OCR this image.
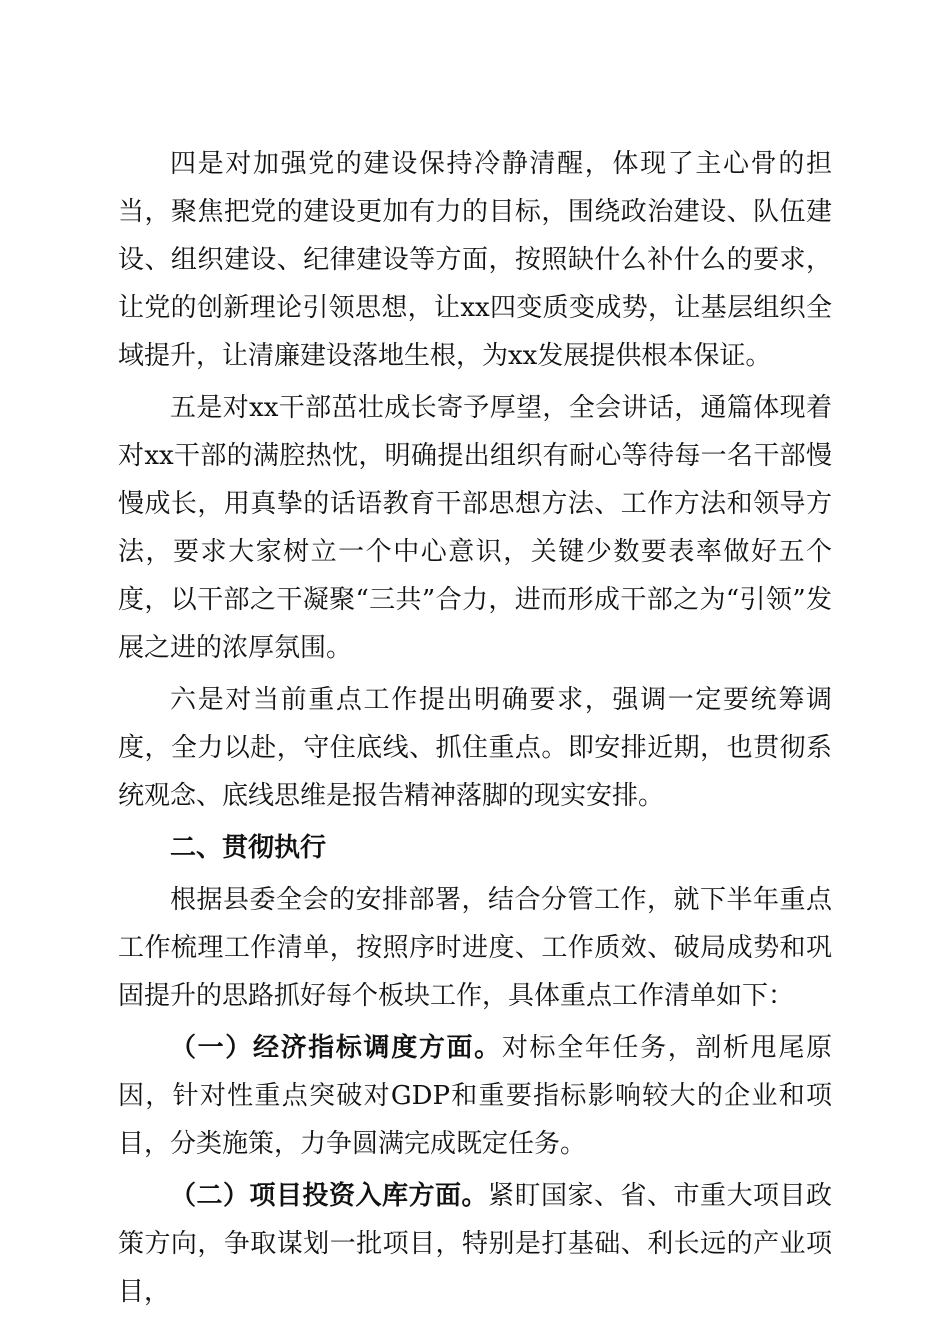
四是对加强党的建设保持冷静清醒，体现了主心骨的担当，聚焦把党的建设更加有力的目标，围绕政治建设、队伍建设、组织建设、纪律建设等方面，按照缺什么补什么的要求，让党的创新理论引领思想，让xx四变质变成势，让基层组织全域提升，让清廉建设落地生根，为xx发展提供根本保证。

五是对xx干部茁壮成长寄予厚望，全会讲话，通篇体现着对xx干部的满腔热忱，明确提出组织有耐心等待每一名干部慢慢成长，用真挚的话语教育干部思想方法、工作方法和领导方法，要求大家树立一个中心意识，关键少数要表率做好五个度，以干部之干凝聚“三共”合力，进而形成干部之为“引领”发展之进的浓厚氛围。

六是对当前重点工作提出明确要求，强调一定要统筹调度，全力以赴，守住底线、抓住重点。即安排近期，也贯彻系统观念、底线思维是报告精神落脚的现实安排。

二、贯彻执行

根据县委全会的安排部署，结合分管工作，就下半年重点工作梳理工作清单，按照序时进度、工作质效、破局成势和巩固提升的思路抓好每个板块工作，具体重点工作清单如下：

（一）经济指标调度方面。对标全年任务，剖析甩尾原因，针对性重点突破对GDP和重要指标影响较大的企业和项目，分类施策，力争圆满完成既定任务。

（二）项目投资入库方面。紧盯国家、省、市重大项目政策方向，争取谋划一批项目，特别是打基础、利长远的产业项目，
